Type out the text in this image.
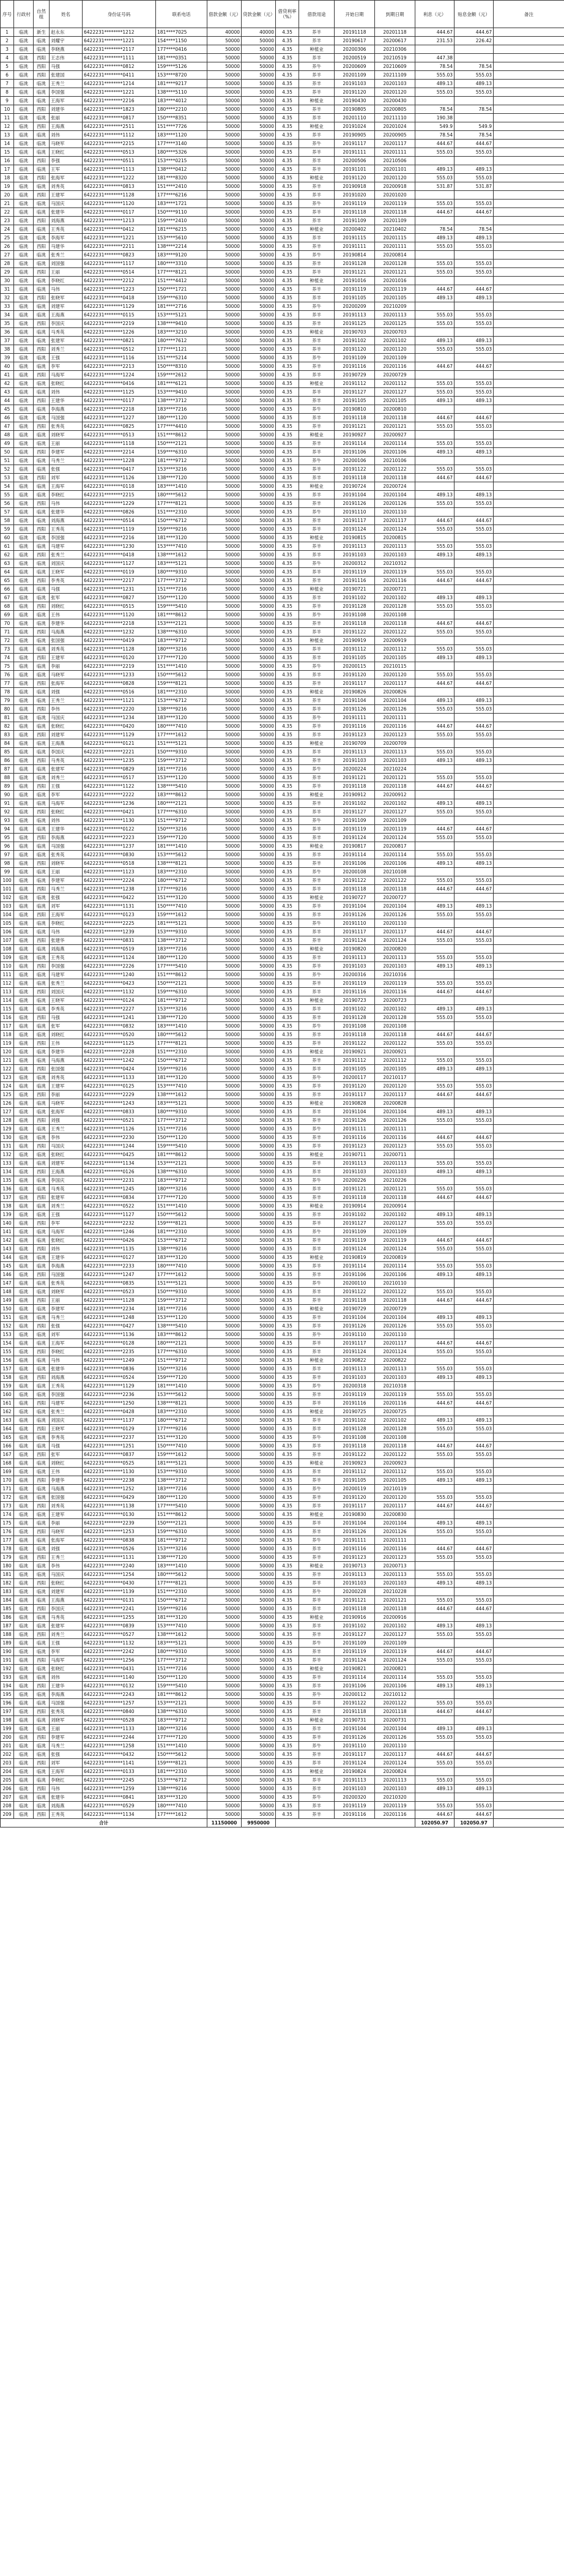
序号	行政村	自然组	姓名	身份证号码	联系电话	借款金额（元）	贷款金额（元）	借贷利率（%）	借款用途	开始日期	到期日期	利息（元）	贴息金额（元）	备注
1	临洮	新生	赵永东	6422231********1212	181****7025	40000	40000	4.35	养羊	20191118	20201118	444.67	444.67	
2	临洮	临洮	刘耀宇	6422231********1221	154****1150	50000	50000	4.35	养羊	20190617	20200617	231.53	226.42	
3	临洮	临洮	李晓燕	6422231********2117	177****0416	50000	50000	4.35	种植业	20200306	20210306			
4	临洮	西阳	王志伟	6422231********1111	181****0351	50000	50000	4.35	养羊	20200519	20210519	447.38		
5	临洮	西阳	马强	6422231********0812	159****5126	50000	50000	4.35	养牛	20200609	20210609	78.54	78.54	
6	临洮	西阳	张建国	6422231********0411	153****8720	50000	50000	4.35	养羊	20201109	20211109	555.03	555.03	
7	临洮	临洮	王秀兰	6422231********1214	181****9217	50000	50000	4.35	养羊	20191103	20201103	489.13	489.13	
8	临洮	临洮	李国强	6422231********1221	138****5110	50000	50000	4.35	养羊	20191120	20201120	555.03	555.03	
9	临洮	临洮	王海军	6422231********2216	183****4012	50000	50000	4.35	种植业	20190430	20200430			
10	临洮	西阳	刘建华	6422231********1823	180****2210	50000	50000	4.35	养羊	20190805	20200805	78.54	78.54	
11	临洮	临洮	张丽	6422231********0817	150****8351	50000	50000	4.35	养羊	20201110	20211110	190.38		
12	临洮	西阳	王海燕	6422231********2511	151****7726	50000	50000	4.35	种植业	20191024	20201024	549.9	549.9	
13	临洮	临洮	刘伟	6422231********1112	183****1120	50000	50000	4.35	养羊	20190905	20200905	78.54	78.54	
14	临洮	临洮	马晓军	6422231********2215	177****3140	50000	50000	4.35	养牛	20191117	20201117	444.67	444.67	
15	临洮	临洮	王晓红	6422231********0513	180****5326	50000	50000	4.35	养羊	20191111	20201111	555.03	555.03	
16	临洮	西阳	李强	6422231********0511	153****0215	50000	50000	4.35	养羊	20200506	20210506			
17	临洮	临洮	王军	6422231********1113	138****0412	50000	50000	4.35	养羊	20191101	20201101	489.13	489.13	
18	临洮	西阳	张海军	6422231********1222	181****8320	50000	50000	4.35	种植业	20191120	20201120	555.03	555.03	
19	临洮	临洮	刘秀英	6422231********0813	151****2410	50000	50000	4.35	养羊	20190918	20200918	531.87	531.87	
20	临洮	西阳	王建军	6422231********1128	177****6216	50000	50000	4.35	养羊	20191020	20201020			
21	临洮	临洮	马国庆	6422231********1120	183****1721	50000	50000	4.35	养牛	20191119	20201119	555.03	555.03	
22	临洮	临洮	张建华	6422231********0117	150****9110	50000	50000	4.35	养羊	20191118	20201118	444.67	444.67	
23	临洮	西阳	刘海燕	6422231********1213	159****2410	50000	50000	4.35	养羊	20191109	20201109			
24	临洮	临洮	王秀英	6422231********0412	181****6215	50000	50000	4.35	种植业	20200402	20210402	78.54	78.54	
25	临洮	临洮	李海军	6422231********1221	153****5610	50000	50000	4.35	养羊	20191115	20201115	489.13	489.13	
26	临洮	西阳	马建华	6422231********2211	138****2214	50000	50000	4.35	养羊	20191111	20201111	555.03	555.03	
27	临洮	临洮	张秀兰	6422231********0823	183****9120	50000	50000	4.35	养牛	20190814	20200814			
28	临洮	临洮	刘国强	6422231********1117	180****3310	50000	50000	4.35	养羊	20191128	20201128	555.03	555.03	
29	临洮	西阳	王丽	6422231********0514	177****8121	50000	50000	4.35	养羊	20191121	20201121	555.03	555.03	
30	临洮	临洮	李晓红	6422231********2212	151****4412	50000	50000	4.35	种植业	20191016	20201016			
31	临洮	临洮	马伟	6422231********1223	150****1721	50000	50000	4.35	养羊	20191119	20201119	444.67	444.67	
32	临洮	西阳	张晓军	6422231********0418	159****6310	50000	50000	4.35	养羊	20191105	20201105	489.13	489.13	
33	临洮	临洮	刘建军	6422231********1129	181****2716	50000	50000	4.35	养牛	20200209	20210209			
34	临洮	临洮	王海燕	6422231********0115	153****5121	50000	50000	4.35	养羊	20191113	20201113	555.03	555.03	
35	临洮	西阳	李国庆	6422231********2219	138****9410	50000	50000	4.35	养羊	20191125	20201125	555.03	555.03	
36	临洮	临洮	马秀英	6422231********1226	183****3210	50000	50000	4.35	种植业	20190703	20200703			
37	临洮	临洮	张建军	6422231********0821	180****7612	50000	50000	4.35	养羊	20191102	20201102	489.13	489.13	
38	临洮	西阳	刘秀兰	6422231********0512	177****1121	50000	50000	4.35	养羊	20191120	20201120	555.03	555.03	
39	临洮	临洮	王强	6422231********1116	151****5214	50000	50000	4.35	养牛	20191109	20201109			
40	临洮	临洮	李军	6422231********2213	150****8310	50000	50000	4.35	养羊	20191116	20201116	444.67	444.67	
41	临洮	西阳	马海军	6422231********1224	159****2612	50000	50000	4.35	养羊	20190729	20200729			
42	临洮	临洮	张晓红	6422231********0416	181****6121	50000	50000	4.35	种植业	20191112	20201112	555.03	555.03	
43	临洮	临洮	刘伟	6422231********1125	153****9410	50000	50000	4.35	养羊	20191127	20201127	555.03	555.03	
44	临洮	西阳	王建华	6422231********0117	138****3712	50000	50000	4.35	养羊	20191105	20201105	489.13	489.13	
45	临洮	临洮	李海燕	6422231********2218	183****7216	50000	50000	4.35	养牛	20190810	20200810			
46	临洮	临洮	马国强	6422231********1227	180****1120	50000	50000	4.35	养羊	20191118	20201118	444.67	444.67	
47	临洮	西阳	张秀英	6422231********0825	177****4410	50000	50000	4.35	养羊	20191121	20201121	555.03	555.03	
48	临洮	临洮	刘晓军	6422231********0513	151****8612	50000	50000	4.35	种植业	20190927	20200927			
49	临洮	临洮	王丽	6422231********1118	150****2121	50000	50000	4.35	养羊	20191114	20201114	555.03	555.03	
50	临洮	西阳	李建军	6422231********2214	159****6310	50000	50000	4.35	养羊	20191106	20201106	489.13	489.13	
51	临洮	临洮	马秀兰	6422231********1228	181****9712	50000	50000	4.35	养牛	20200106	20210106			
52	临洮	临洮	张强	6422231********0417	153****3216	50000	50000	4.35	养羊	20191122	20201122	555.03	555.03	
53	临洮	西阳	刘军	6422231********1126	138****7120	50000	50000	4.35	养羊	20191118	20201118	444.67	444.67	
54	临洮	临洮	王海军	6422231********0118	183****1410	50000	50000	4.35	种植业	20190724	20200724			
55	临洮	临洮	李晓红	6422231********2215	180****5612	50000	50000	4.35	养羊	20191104	20201104	489.13	489.13	
56	临洮	西阳	马伟	6422231********1229	177****8121	50000	50000	4.35	养羊	20191126	20201126	555.03	555.03	
57	临洮	临洮	张建华	6422231********0826	151****2310	50000	50000	4.35	养牛	20191110	20201110			
58	临洮	临洮	刘海燕	6422231********0514	150****6712	50000	50000	4.35	养羊	20191117	20201117	444.67	444.67	
59	临洮	西阳	王秀英	6422231********1119	159****9216	50000	50000	4.35	养羊	20191124	20201124	555.03	555.03	
60	临洮	临洮	李国强	6422231********2216	181****3120	50000	50000	4.35	种植业	20190815	20200815			
61	临洮	临洮	马建军	6422231********1230	153****7410	50000	50000	4.35	养羊	20191113	20201113	555.03	555.03	
62	临洮	西阳	张秀兰	6422231********0418	138****1612	50000	50000	4.35	养羊	20191103	20201103	489.13	489.13	
63	临洮	临洮	刘国庆	6422231********1127	183****5121	50000	50000	4.35	养牛	20200312	20210312			
64	临洮	临洮	王晓军	6422231********0119	180****9310	50000	50000	4.35	养羊	20191119	20201119	555.03	555.03	
65	临洮	西阳	李秀英	6422231********2217	177****3712	50000	50000	4.35	养羊	20191116	20201116	444.67	444.67	
66	临洮	临洮	马强	6422231********1231	151****7216	50000	50000	4.35	种植业	20190721	20200721			
67	临洮	临洮	张军	6422231********0827	150****1120	50000	50000	4.35	养羊	20191102	20201102	489.13	489.13	
68	临洮	西阳	刘晓红	6422231********0515	159****5410	50000	50000	4.35	养羊	20191128	20201128	555.03	555.03	
69	临洮	临洮	王伟	6422231********1120	181****8612	50000	50000	4.35	养牛	20191108	20201108			
70	临洮	临洮	李建华	6422231********2218	153****2121	50000	50000	4.35	养羊	20191118	20201118	444.67	444.67	
71	临洮	西阳	马海燕	6422231********1232	138****6310	50000	50000	4.35	养羊	20191122	20201122	555.03	555.03	
72	临洮	临洮	张国强	6422231********0419	183****9712	50000	50000	4.35	种植业	20190919	20200919			
73	临洮	临洮	刘秀英	6422231********1128	180****3216	50000	50000	4.35	养羊	20191112	20201112	555.03	555.03	
74	临洮	西阳	王建军	6422231********0120	177****7120	50000	50000	4.35	养羊	20191105	20201105	489.13	489.13	
75	临洮	临洮	李丽	6422231********2219	151****1410	50000	50000	4.35	养牛	20200115	20210115			
76	临洮	临洮	马晓军	6422231********1233	150****5612	50000	50000	4.35	养羊	20191120	20201120	555.03	555.03	
77	临洮	西阳	张海军	6422231********0828	159****8121	50000	50000	4.35	养羊	20191117	20201117	444.67	444.67	
78	临洮	临洮	刘强	6422231********0516	181****2310	50000	50000	4.35	种植业	20190826	20200826			
79	临洮	临洮	王秀兰	6422231********1121	153****6712	50000	50000	4.35	养羊	20191104	20201104	489.13	489.13	
80	临洮	西阳	李伟	6422231********2220	138****9216	50000	50000	4.35	养羊	20191126	20201126	555.03	555.03	
81	临洮	临洮	马国庆	6422231********1234	183****3120	50000	50000	4.35	养牛	20191111	20201111			
82	临洮	临洮	张晓红	6422231********0420	180****7410	50000	50000	4.35	养羊	20191116	20201116	444.67	444.67	
83	临洮	西阳	刘建军	6422231********1129	177****1612	50000	50000	4.35	养羊	20191123	20201123	555.03	555.03	
84	临洮	临洮	王海燕	6422231********0121	151****5121	50000	50000	4.35	种植业	20190709	20200709			
85	临洮	临洮	李国庆	6422231********2221	150****9310	50000	50000	4.35	养羊	20191113	20201113	555.03	555.03	
86	临洮	西阳	马秀英	6422231********1235	159****3712	50000	50000	4.35	养羊	20191103	20201103	489.13	489.13	
87	临洮	临洮	张建军	6422231********0829	181****7216	50000	50000	4.35	养牛	20200224	20210224			
88	临洮	临洮	刘秀兰	6422231********0517	153****1120	50000	50000	4.35	养羊	20191121	20201121	555.03	555.03	
89	临洮	西阳	王强	6422231********1122	138****5410	50000	50000	4.35	养羊	20191118	20201118	444.67	444.67	
90	临洮	临洮	李军	6422231********2222	183****8612	50000	50000	4.35	种植业	20190912	20200912			
91	临洮	临洮	马海军	6422231********1236	180****2121	50000	50000	4.35	养羊	20191102	20201102	489.13	489.13	
92	临洮	西阳	张晓红	6422231********0421	177****6310	50000	50000	4.35	养羊	20191127	20201127	555.03	555.03	
93	临洮	临洮	刘伟	6422231********1130	151****9712	50000	50000	4.35	养牛	20191109	20201109			
94	临洮	临洮	王建华	6422231********0122	150****3216	50000	50000	4.35	养羊	20191119	20201119	444.67	444.67	
95	临洮	西阳	李海燕	6422231********2223	159****7120	50000	50000	4.35	养羊	20191124	20201124	555.03	555.03	
96	临洮	临洮	马国强	6422231********1237	181****1410	50000	50000	4.35	种植业	20190817	20200817			
97	临洮	临洮	张秀英	6422231********0830	153****5612	50000	50000	4.35	养羊	20191114	20201114	555.03	555.03	
98	临洮	西阳	刘晓军	6422231********0518	138****8121	50000	50000	4.35	养羊	20191106	20201106	489.13	489.13	
99	临洮	临洮	王丽	6422231********1123	183****2310	50000	50000	4.35	养牛	20200108	20210108			
100	临洮	临洮	李建军	6422231********2224	180****6712	50000	50000	4.35	养羊	20191122	20201122	555.03	555.03	
101	临洮	西阳	马秀兰	6422231********1238	177****9216	50000	50000	4.35	养羊	20191118	20201118	444.67	444.67	
102	临洮	临洮	张强	6422231********0422	151****3120	50000	50000	4.35	种植业	20190727	20200727			
103	临洮	临洮	刘军	6422231********1131	150****7410	50000	50000	4.35	养羊	20191104	20201104	489.13	489.13	
104	临洮	西阳	王海军	6422231********0123	159****1612	50000	50000	4.35	养羊	20191126	20201126	555.03	555.03	
105	临洮	临洮	李晓红	6422231********2225	181****5121	50000	50000	4.35	养牛	20191110	20201110			
106	临洮	临洮	马伟	6422231********1239	153****9310	50000	50000	4.35	养羊	20191117	20201117	444.67	444.67	
107	临洮	西阳	张建华	6422231********0831	138****3712	50000	50000	4.35	养羊	20191124	20201124	555.03	555.03	
108	临洮	临洮	刘海燕	6422231********0519	183****7216	50000	50000	4.35	种植业	20190820	20200820			
109	临洮	临洮	王秀英	6422231********1124	180****1120	50000	50000	4.35	养羊	20191113	20201113	555.03	555.03	
110	临洮	西阳	李国强	6422231********2226	177****5410	50000	50000	4.35	养羊	20191103	20201103	489.13	489.13	
111	临洮	临洮	马建军	6422231********1240	151****8612	50000	50000	4.35	养牛	20200316	20210316			
112	临洮	临洮	张秀兰	6422231********0423	150****2121	50000	50000	4.35	养羊	20191119	20201119	555.03	555.03	
113	临洮	西阳	刘国庆	6422231********1132	159****6310	50000	50000	4.35	养羊	20191116	20201116	444.67	444.67	
114	临洮	临洮	王晓军	6422231********0124	181****9712	50000	50000	4.35	种植业	20190723	20200723			
115	临洮	临洮	李秀英	6422231********2227	153****3216	50000	50000	4.35	养羊	20191102	20201102	489.13	489.13	
116	临洮	西阳	马强	6422231********1241	138****7120	50000	50000	4.35	养羊	20191128	20201128	555.03	555.03	
117	临洮	临洮	张军	6422231********0832	183****1410	50000	50000	4.35	养牛	20191108	20201108			
118	临洮	临洮	刘晓红	6422231********0520	180****5612	50000	50000	4.35	养羊	20191118	20201118	444.67	444.67	
119	临洮	西阳	王伟	6422231********1125	177****8121	50000	50000	4.35	养羊	20191122	20201122	555.03	555.03	
120	临洮	临洮	李建华	6422231********2228	151****2310	50000	50000	4.35	种植业	20190921	20200921			
121	临洮	临洮	马海燕	6422231********1242	150****6712	50000	50000	4.35	养羊	20191112	20201112	555.03	555.03	
122	临洮	西阳	张国强	6422231********0424	159****9216	50000	50000	4.35	养羊	20191105	20201105	489.13	489.13	
123	临洮	临洮	刘秀英	6422231********1133	181****3120	50000	50000	4.35	养牛	20200117	20210117			
124	临洮	临洮	王建军	6422231********0125	153****7410	50000	50000	4.35	养羊	20191120	20201120	555.03	555.03	
125	临洮	西阳	李丽	6422231********2229	138****1612	50000	50000	4.35	养羊	20191117	20201117	444.67	444.67	
126	临洮	临洮	马晓军	6422231********1243	183****5121	50000	50000	4.35	种植业	20190828	20200828			
127	临洮	临洮	张海军	6422231********0833	180****9310	50000	50000	4.35	养羊	20191104	20201104	489.13	489.13	
128	临洮	西阳	刘强	6422231********0521	177****3712	50000	50000	4.35	养羊	20191126	20201126	555.03	555.03	
129	临洮	临洮	王秀兰	6422231********1126	151****7216	50000	50000	4.35	养牛	20191111	20201111			
130	临洮	临洮	李伟	6422231********2230	150****1120	50000	50000	4.35	养羊	20191116	20201116	444.67	444.67	
131	临洮	西阳	马国庆	6422231********1244	159****5410	50000	50000	4.35	养羊	20191123	20201123	555.03	555.03	
132	临洮	临洮	张晓红	6422231********0425	181****8612	50000	50000	4.35	种植业	20190711	20200711			
133	临洮	临洮	刘建军	6422231********1134	153****2121	50000	50000	4.35	养羊	20191113	20201113	555.03	555.03	
134	临洮	西阳	王海燕	6422231********0126	138****6310	50000	50000	4.35	养羊	20191103	20201103	489.13	489.13	
135	临洮	临洮	李国庆	6422231********2231	183****9712	50000	50000	4.35	养牛	20200226	20210226			
136	临洮	临洮	马秀英	6422231********1245	180****3216	50000	50000	4.35	养羊	20191121	20201121	555.03	555.03	
137	临洮	西阳	张建军	6422231********0834	177****7120	50000	50000	4.35	养羊	20191118	20201118	444.67	444.67	
138	临洮	临洮	刘秀兰	6422231********0522	151****1410	50000	50000	4.35	种植业	20190914	20200914			
139	临洮	临洮	王强	6422231********1127	150****5612	50000	50000	4.35	养羊	20191102	20201102	489.13	489.13	
140	临洮	西阳	李军	6422231********2232	159****8121	50000	50000	4.35	养羊	20191127	20201127	555.03	555.03	
141	临洮	临洮	马海军	6422231********1246	181****2310	50000	50000	4.35	养牛	20191109	20201109			
142	临洮	临洮	张晓红	6422231********0426	153****6712	50000	50000	4.35	养羊	20191119	20201119	444.67	444.67	
143	临洮	西阳	刘伟	6422231********1135	138****9216	50000	50000	4.35	养羊	20191124	20201124	555.03	555.03	
144	临洮	临洮	王建华	6422231********0127	183****3120	50000	50000	4.35	种植业	20190819	20200819			
145	临洮	临洮	李海燕	6422231********2233	180****7410	50000	50000	4.35	养羊	20191114	20201114	555.03	555.03	
146	临洮	西阳	马国强	6422231********1247	177****1612	50000	50000	4.35	养羊	20191106	20201106	489.13	489.13	
147	临洮	临洮	张秀英	6422231********0835	151****5121	50000	50000	4.35	养牛	20200110	20210110			
148	临洮	临洮	刘晓军	6422231********0523	150****9310	50000	50000	4.35	养羊	20191122	20201122	555.03	555.03	
149	临洮	西阳	王丽	6422231********1128	159****3712	50000	50000	4.35	养羊	20191118	20201118	444.67	444.67	
150	临洮	临洮	李建军	6422231********2234	181****7216	50000	50000	4.35	种植业	20190729	20200729			
151	临洮	临洮	马秀兰	6422231********1248	153****1120	50000	50000	4.35	养羊	20191104	20201104	489.13	489.13	
152	临洮	西阳	张强	6422231********0427	138****5410	50000	50000	4.35	养羊	20191126	20201126	555.03	555.03	
153	临洮	临洮	刘军	6422231********1136	183****8612	50000	50000	4.35	养牛	20191110	20201110			
154	临洮	临洮	王海军	6422231********0128	180****2121	50000	50000	4.35	养羊	20191117	20201117	444.67	444.67	
155	临洮	西阳	李晓红	6422231********2235	177****6310	50000	50000	4.35	养羊	20191124	20201124	555.03	555.03	
156	临洮	临洮	马伟	6422231********1249	151****9712	50000	50000	4.35	种植业	20190822	20200822			
157	临洮	临洮	张建华	6422231********0836	150****3216	50000	50000	4.35	养羊	20191113	20201113	555.03	555.03	
158	临洮	西阳	刘海燕	6422231********0524	159****7120	50000	50000	4.35	养羊	20191103	20201103	489.13	489.13	
159	临洮	临洮	王秀英	6422231********1129	181****1410	50000	50000	4.35	养牛	20200318	20210318			
160	临洮	临洮	李国强	6422231********2236	153****5612	50000	50000	4.35	养羊	20191119	20201119	555.03	555.03	
161	临洮	西阳	马建军	6422231********1250	138****8121	50000	50000	4.35	养羊	20191116	20201116	444.67	444.67	
162	临洮	临洮	张秀兰	6422231********0428	183****2310	50000	50000	4.35	种植业	20190725	20200725			
163	临洮	临洮	刘国庆	6422231********1137	180****6712	50000	50000	4.35	养羊	20191102	20201102	489.13	489.13	
164	临洮	西阳	王晓军	6422231********0129	177****9216	50000	50000	4.35	养羊	20191128	20201128	555.03	555.03	
165	临洮	临洮	李秀英	6422231********2237	151****3120	50000	50000	4.35	养牛	20191108	20201108			
166	临洮	临洮	马强	6422231********1251	150****7410	50000	50000	4.35	养羊	20191118	20201118	444.67	444.67	
167	临洮	西阳	张军	6422231********0837	159****1612	50000	50000	4.35	养羊	20191122	20201122	555.03	555.03	
168	临洮	临洮	刘晓红	6422231********0525	181****5121	50000	50000	4.35	种植业	20190923	20200923			
169	临洮	临洮	王伟	6422231********1130	153****9310	50000	50000	4.35	养羊	20191112	20201112	555.03	555.03	
170	临洮	西阳	李建华	6422231********2238	138****3712	50000	50000	4.35	养羊	20191105	20201105	489.13	489.13	
171	临洮	临洮	马海燕	6422231********1252	183****7216	50000	50000	4.35	养牛	20200119	20210119			
172	临洮	临洮	张国强	6422231********0429	180****1120	50000	50000	4.35	养羊	20191120	20201120	555.03	555.03	
173	临洮	西阳	刘秀英	6422231********1138	177****5410	50000	50000	4.35	养羊	20191117	20201117	444.67	444.67	
174	临洮	临洮	王建军	6422231********0130	151****8612	50000	50000	4.35	种植业	20190830	20200830			
175	临洮	临洮	李丽	6422231********2239	150****2121	50000	50000	4.35	养羊	20191104	20201104	489.13	489.13	
176	临洮	西阳	马晓军	6422231********1253	159****6310	50000	50000	4.35	养羊	20191126	20201126	555.03	555.03	
177	临洮	临洮	张海军	6422231********0838	181****9712	50000	50000	4.35	养牛	20191111	20201111			
178	临洮	临洮	刘强	6422231********0526	153****3216	50000	50000	4.35	养羊	20191116	20201116	444.67	444.67	
179	临洮	西阳	王秀兰	6422231********1131	138****7120	50000	50000	4.35	养羊	20191123	20201123	555.03	555.03	
180	临洮	临洮	李伟	6422231********2240	183****1410	50000	50000	4.35	种植业	20190713	20200713			
181	临洮	临洮	马国庆	6422231********1254	180****5612	50000	50000	4.35	养羊	20191113	20201113	555.03	555.03	
182	临洮	西阳	张晓红	6422231********0430	177****8121	50000	50000	4.35	养羊	20191103	20201103	489.13	489.13	
183	临洮	临洮	刘建军	6422231********1139	151****2310	50000	50000	4.35	养牛	20200228	20210228			
184	临洮	临洮	王海燕	6422231********0131	150****6712	50000	50000	4.35	养羊	20191121	20201121	555.03	555.03	
185	临洮	西阳	李国庆	6422231********2241	159****9216	50000	50000	4.35	养羊	20191118	20201118	444.67	444.67	
186	临洮	临洮	马秀英	6422231********1255	181****3120	50000	50000	4.35	种植业	20190916	20200916			
187	临洮	临洮	张建军	6422231********0839	153****7410	50000	50000	4.35	养羊	20191102	20201102	489.13	489.13	
188	临洮	西阳	刘秀兰	6422231********0527	138****1612	50000	50000	4.35	养羊	20191127	20201127	555.03	555.03	
189	临洮	临洮	王强	6422231********1132	183****5121	50000	50000	4.35	养牛	20191109	20201109			
190	临洮	临洮	李军	6422231********2242	180****9310	50000	50000	4.35	养羊	20191119	20201119	444.67	444.67	
191	临洮	西阳	马海军	6422231********1256	177****3712	50000	50000	4.35	养羊	20191124	20201124	555.03	555.03	
192	临洮	临洮	张晓红	6422231********0431	151****7216	50000	50000	4.35	种植业	20190821	20200821			
193	临洮	临洮	刘伟	6422231********1140	150****1120	50000	50000	4.35	养羊	20191114	20201114	555.03	555.03	
194	临洮	西阳	王建华	6422231********0132	159****5410	50000	50000	4.35	养羊	20191106	20201106	489.13	489.13	
195	临洮	临洮	李海燕	6422231********2243	181****8612	50000	50000	4.35	养牛	20200112	20210112			
196	临洮	临洮	马国强	6422231********1257	153****2121	50000	50000	4.35	养羊	20191122	20201122	555.03	555.03	
197	临洮	西阳	张秀英	6422231********0840	138****6310	50000	50000	4.35	养羊	20191118	20201118	444.67	444.67	
198	临洮	临洮	刘晓军	6422231********0528	183****9712	50000	50000	4.35	种植业	20190731	20200731			
199	临洮	临洮	王丽	6422231********1133	180****3216	50000	50000	4.35	养羊	20191104	20201104	489.13	489.13	
200	临洮	西阳	李建军	6422231********2244	177****7120	50000	50000	4.35	养羊	20191126	20201126	555.03	555.03	
201	临洮	临洮	马秀兰	6422231********1258	151****1410	50000	50000	4.35	养牛	20191110	20201110			
202	临洮	临洮	张强	6422231********0432	150****5612	50000	50000	4.35	养羊	20191117	20201117	444.67	444.67	
203	临洮	西阳	刘军	6422231********1141	159****8121	50000	50000	4.35	养羊	20191124	20201124	555.03	555.03	
204	临洮	临洮	王海军	6422231********0133	181****2310	50000	50000	4.35	种植业	20190824	20200824			
205	临洮	临洮	李晓红	6422231********2245	153****6712	50000	50000	4.35	养羊	20191113	20201113	555.03	555.03	
206	临洮	西阳	马伟	6422231********1259	138****9216	50000	50000	4.35	养羊	20191103	20201103	489.13	489.13	
207	临洮	临洮	张建华	6422231********0841	183****3120	50000	50000	4.35	养牛	20200320	20210320			
208	临洮	临洮	刘海燕	6422231********0529	180****7410	50000	50000	4.35	养羊	20191119	20201119	555.03	555.03	
209	临洮	西阳	王秀英	6422231********1134	177****1612	50000	50000	4.35	养羊	20191116	20201116	444.67	444.67	
合计						11150000	9950000					102050.97	102050.97	
